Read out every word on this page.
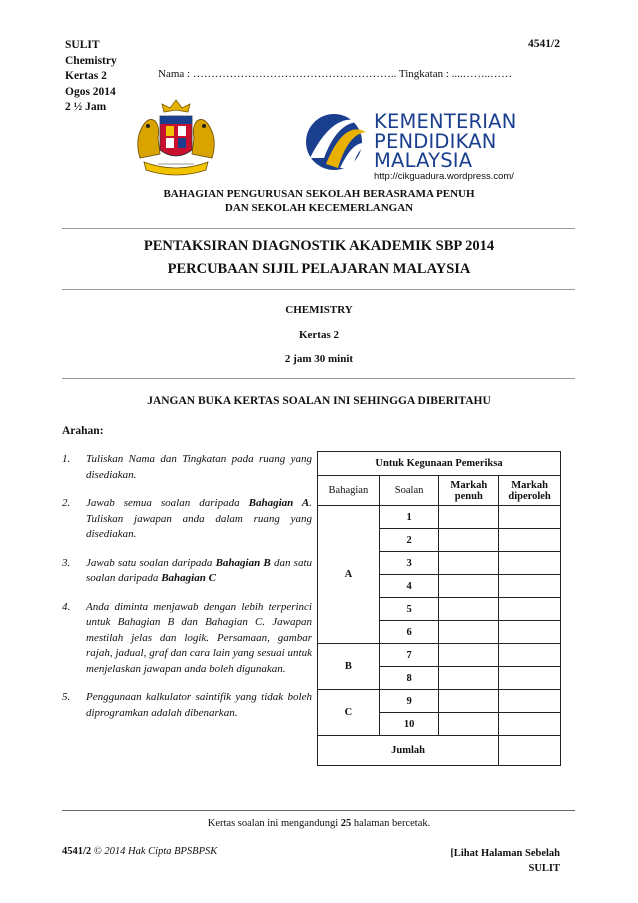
SULIT
Chemistry
Kertas 2
Ogos 2014
2 ½ Jam
4541/2
Nama : ……………………………………………….. Tingkatan : ....……..……
KEMENTERIAN
PENDIDIKAN
MALAYSIA
http://cikguadura.wordpress.com/
BAHAGIAN PENGURUSAN SEKOLAH BERASRAMA PENUH
DAN SEKOLAH KECEMERLANGAN
PENTAKSIRAN DIAGNOSTIK AKADEMIK SBP 2014
PERCUBAAN SIJIL PELAJARAN MALAYSIA
CHEMISTRY
Kertas 2
2 jam 30 minit
JANGAN BUKA KERTAS SOALAN INI SEHINGGA DIBERITAHU
Arahan:
1. Tuliskan Nama dan Tingkatan pada ruang yang disediakan.
2. Jawab semua soalan daripada Bahagian A. Tuliskan jawapan anda dalam ruang yang disediakan.
3. Jawab satu soalan daripada Bahagian B dan satu soalan daripada Bahagian C
4. Anda diminta menjawab dengan lebih terperinci untuk Bahagian B dan Bahagian C. Jawapan mestilah jelas dan logik. Persamaan, gambar rajah, jadual, graf dan cara lain yang sesuai untuk menjelaskan jawapan anda boleh digunakan.
5. Penggunaan kalkulator saintifik yang tidak boleh diprogramkan adalah dibenarkan.
Untuk Kegunaan Pemeriksa			
Bahagian	Soalan	Markah penuh	Markah diperoleh
A	1		
	2		
	3		
	4		
	5		
	6		
B	7		
	8		
C	9		
	10		
Jumlah			
Kertas soalan ini mengandungi 25 halaman bercetak.
4541/2 © 2014 Hak Cipta BPSBPSK	[Lihat Halaman Sebelah
SULIT
